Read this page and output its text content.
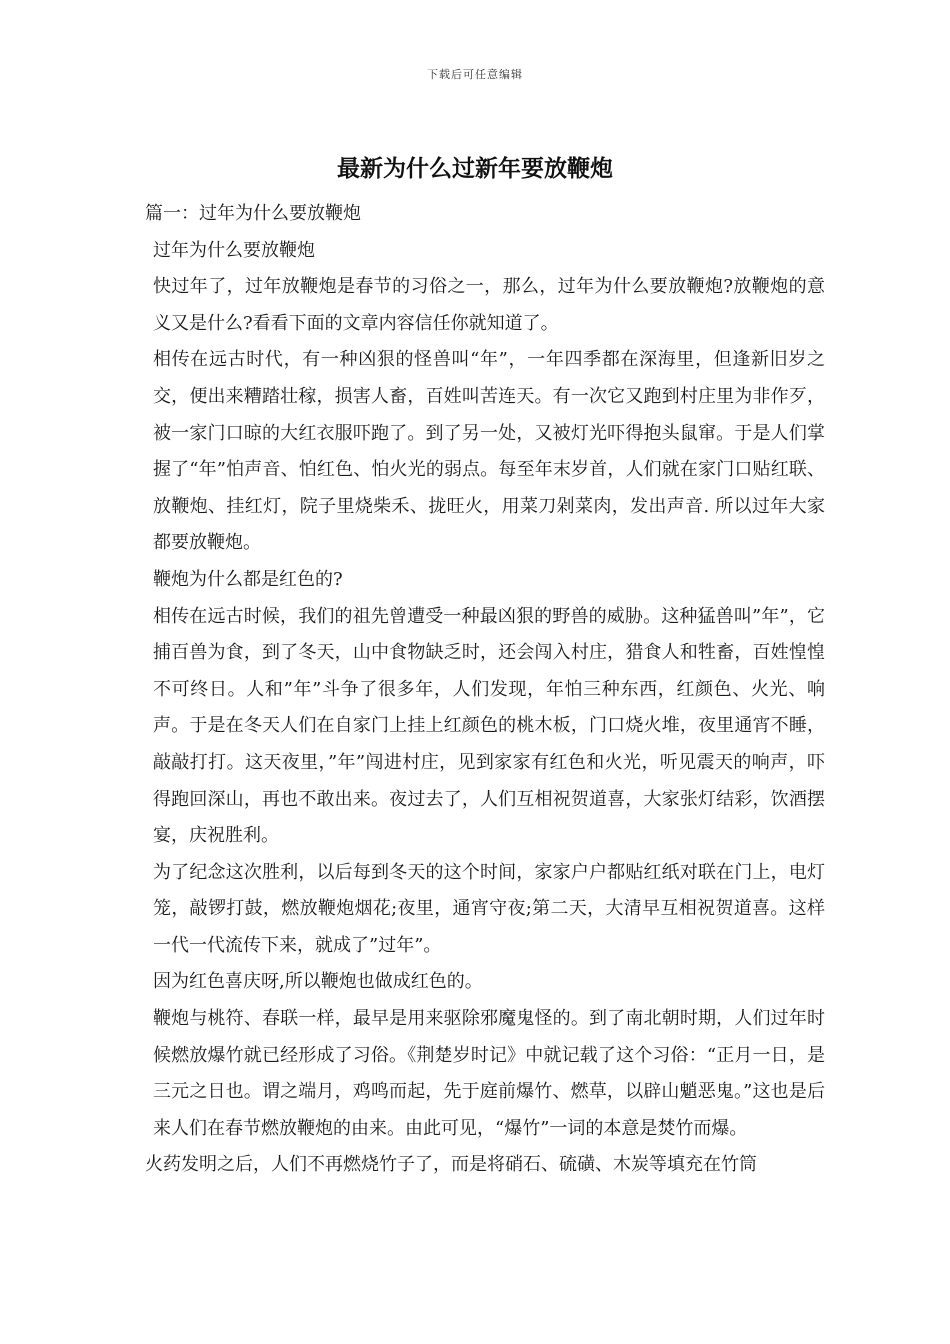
下载后可任意编辑
最新为什么过新年要放鞭炮

篇一：过年为什么要放鞭炮

过年为什么要放鞭炮

快过年了，过年放鞭炮是春节的习俗之一，那么，过年为什么要放鞭炮?放鞭炮的意义又是什么?看看下面的文章内容信任你就知道了。

相传在远古时代，有一种凶狠的怪兽叫“年”，一年四季都在深海里，但逢新旧岁之交，便出来糟踏壮稼，损害人畜，百姓叫苦连天。有一次它又跑到村庄里为非作歹，被一家门口晾的大红衣服吓跑了。到了另一处，又被灯光吓得抱头鼠窜。于是人们掌握了“年”怕声音、怕红色、怕火光的弱点。每至年末岁首，人们就在家门口贴红联、放鞭炮、挂红灯，院子里烧柴禾、拢旺火，用菜刀剁菜肉，发出声音. 所以过年大家都要放鞭炮。

鞭炮为什么都是红色的?

相传在远古时候，我们的祖先曾遭受一种最凶狠的野兽的威胁。这种猛兽叫”年”，它捕百兽为食，到了冬天，山中食物缺乏时，还会闯入村庄，猎食人和牲畜，百姓惶惶不可终日。人和”年”斗争了很多年，人们发现，年怕三种东西，红颜色、火光、响声。于是在冬天人们在自家门上挂上红颜色的桃木板，门口烧火堆，夜里通宵不睡，敲敲打打。这天夜里，”年”闯进村庄，见到家家有红色和火光，听见震天的响声，吓得跑回深山，再也不敢出来。夜过去了，人们互相祝贺道喜，大家张灯结彩，饮酒摆宴，庆祝胜利。

为了纪念这次胜利，以后每到冬天的这个时间，家家户户都贴红纸对联在门上，电灯笼，敲锣打鼓，燃放鞭炮烟花;夜里，通宵守夜;第二天，大清早互相祝贺道喜。这样一代一代流传下来，就成了”过年”。

因为红色喜庆呀,所以鞭炮也做成红色的。

鞭炮与桃符、春联一样，最早是用来驱除邪魔鬼怪的。到了南北朝时期，人们过年时候燃放爆竹就已经形成了习俗。《荆楚岁时记》中就记载了这个习俗：“正月一日，是三元之日也。谓之端月，鸡鸣而起，先于庭前爆竹、燃草，以辟山魈恶鬼。”这也是后来人们在春节燃放鞭炮的由来。由此可见，“爆竹”一词的本意是焚竹而爆。

火药发明之后，人们不再燃烧竹子了，而是将硝石、硫磺、木炭等填充在竹筒
